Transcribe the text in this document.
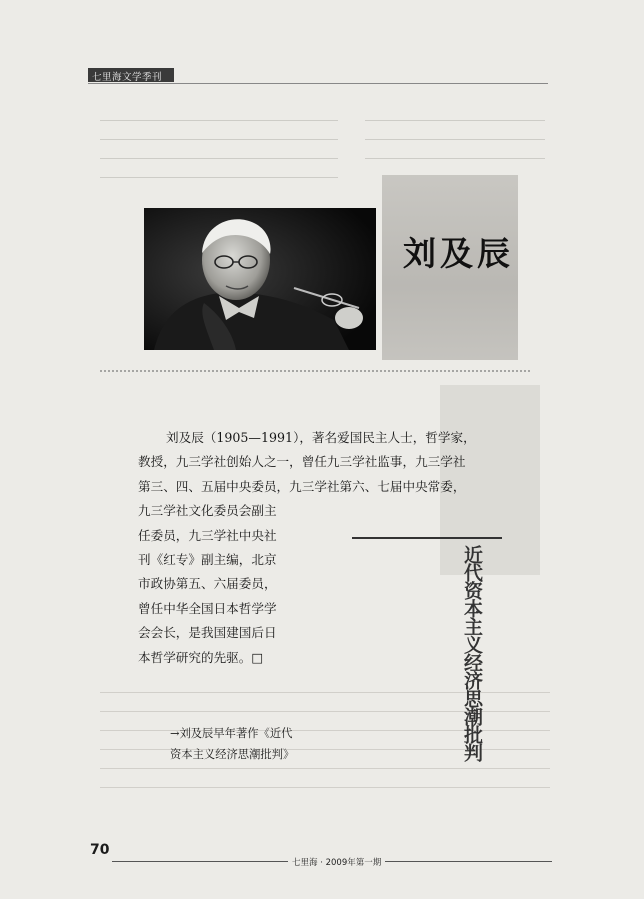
七里海文学季刊
刘及辰

刘及辰（1905—1991），著名爱国民主人士，哲学家，

教授，九三学社创始人之一，曾任九三学社监事，九三学社

第三、四、五届中央委员，九三学社第六、七届中央常委，

九三学社文化委员会副主

任委员，九三学社中央社

刊《红专》副主编，北京

市政协第五、六届委员，

曾任中华全国日本哲学学

会会长，是我国建国后日

本哲学研究的先驱。□	近代资本主义经济思潮批判
→刘及辰早年著作《近代
资本主义经济思潮批判》
70
七里海 · 2009年第一期
